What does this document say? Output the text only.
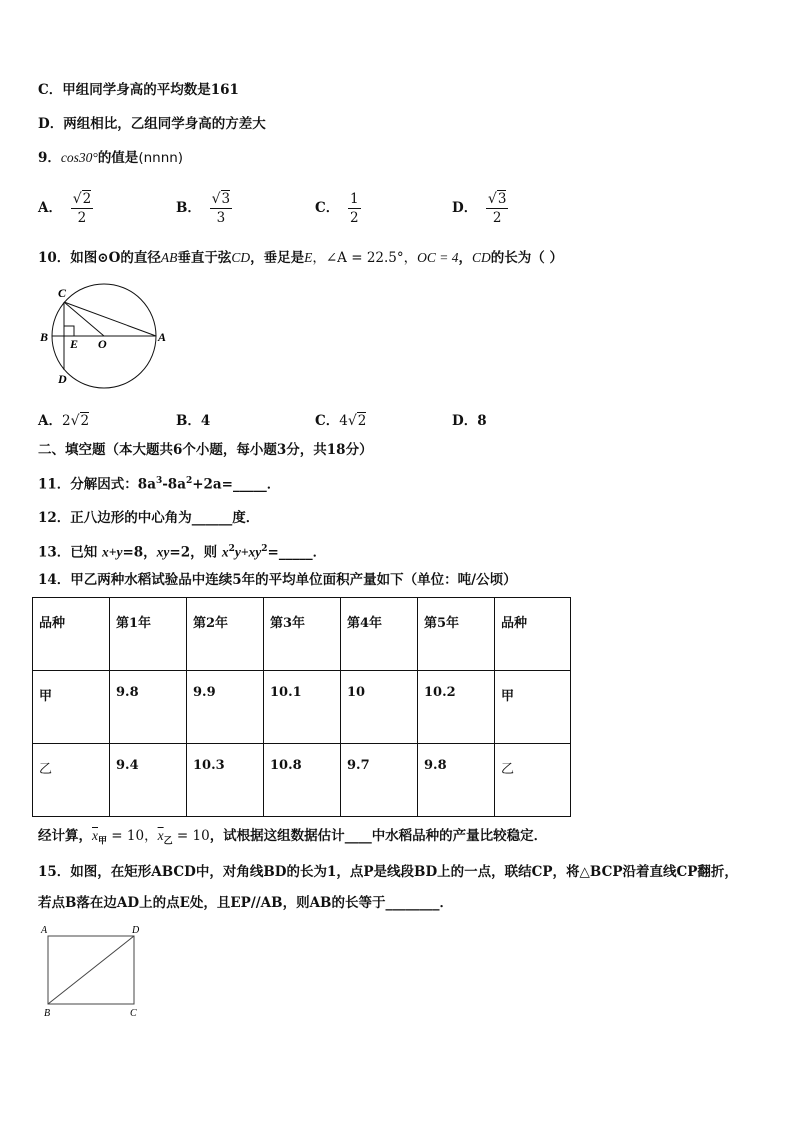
C．甲组同学身高的平均数是161
D．两组相比，乙组同学身高的方差大
9．cos30°的值是(nnnn)
A． $\frac{√2}{2}$	B． $\frac{√3}{3}$	C． $\frac{1}{2}$	D． $\frac{√3}{2}$
10．如图⊙O的直径AB垂直于弦CD，垂足是E，∠A = 22.5°，OC = 4，CD的长为（ ）
C
B E O	A
D
A．2√2	B．4	C．4√2	D．8
二、填空题（本大题共6个小题，每小题3分，共18分）
11．分解因式：$8a^3-8a^2+2a=\_\_\_\_\_$．
12．正八边形的中心角为______度．
13．已知 x+y=8，xy=2，则 $x^2y+xy^2=\_\_\_\_\_$．
14．甲乙两种水稻试验品中连续5年的平均单位面积产量如下（单位：吨/公顷）
品种	第1年	第2年	第3年	第4年	第5年	品种
甲	9.8	9.9	10.1	10	10.2	甲
乙	9.4	10.3	10.8	9.7	9.8	乙
经计算，$\overline{x}_甲 = 10$，$\overline{x}_乙 = 10$，试根据这组数据估计____中水稻品种的产量比较稳定．
15．如图，在矩形ABCD中，对角线BD的长为1，点P是线段BD上的一点，联结CP，将△BCP沿着直线CP翻折，
若点B落在边AD上的点E处，且EP//AB，则AB的长等于________．
A	D
B	C
